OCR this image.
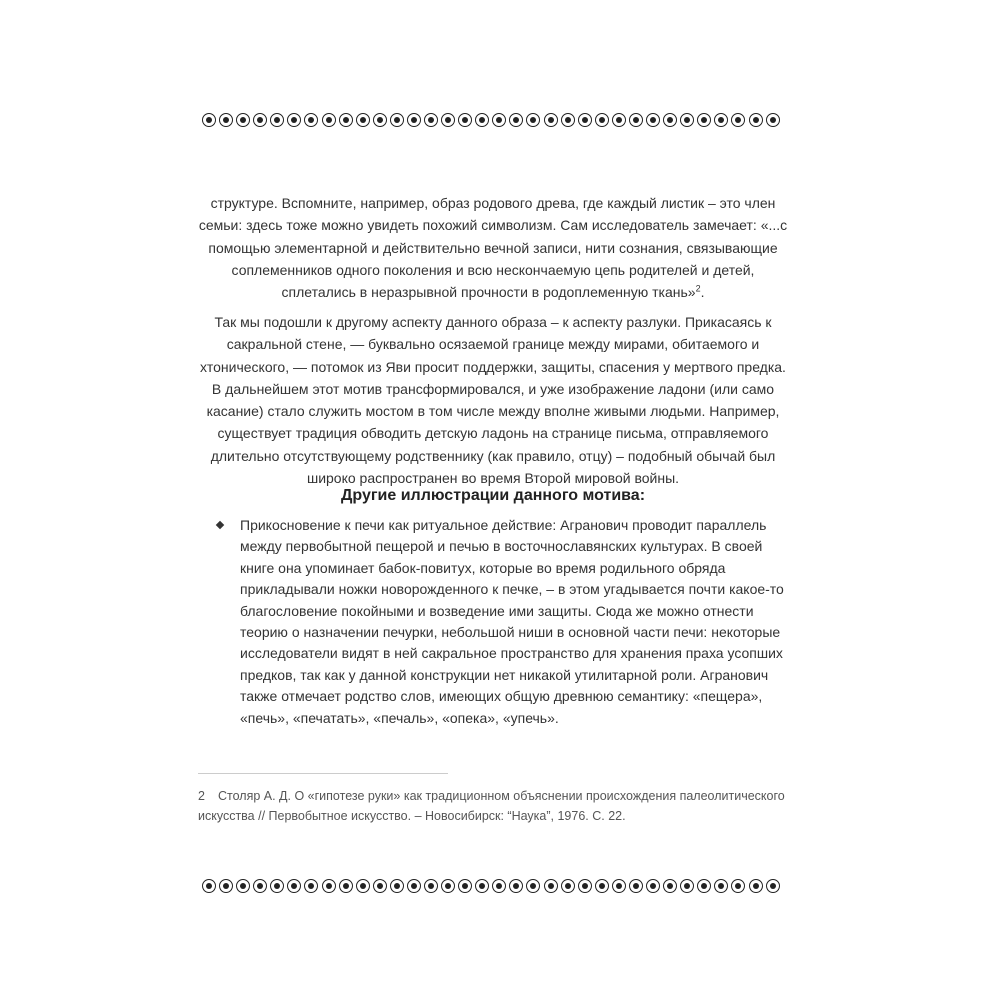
структуре. Вспомните, например, образ родового древа, где каждый листик – это член семьи: здесь тоже можно увидеть похожий символизм. Сам исследователь замечает: «...с помощью элементарной и действительно вечной записи, нити сознания, связывающие соплеменников одного поколения и всю нескончаемую цепь родителей и детей, сплетались в неразрывной прочности в родоплеменную ткань»$^2$.

Так мы подошли к другому аспекту данного образа – к аспекту разлуки. Прикасаясь к сакральной стене, — буквально осязаемой границе между мирами, обитаемого и хтонического, — потомок из Яви просит поддержки, защиты, спасения у мертвого предка. В дальнейшем этот мотив трансформировался, и уже изображение ладони (или само касание) стало служить мостом в том числе между вполне живыми людьми. Например, существует традиция обводить детскую ладонь на странице письма, отправляемого длительно отсутствующему родственнику (как правило, отцу) – подобный обычай был широко распространен во время Второй мировой войны.

Другие иллюстрации данного мотива:
Прикосновение к печи как ритуальное действие: Агранович проводит параллель между первобытной пещерой и печью в восточнославянских культурах. В своей книге она упоминает бабок-повитух, которые во время родильного обряда прикладывали ножки новорожденного к печке, – в этом угадывается почти какое-то благословение покойными и возведение ими защиты. Сюда же можно отнести теорию о назначении печурки, небольшой ниши в основной части печи: некоторые исследователи видят в ней сакральное пространство для хранения праха усопших предков, так как у данной конструкции нет никакой утилитарной роли. Агранович также отмечает родство слов, имеющих общую древнюю семантику: «пещера», «печь», «печатать», «печаль», «опека», «упечь».
2 Столяр А. Д. О «гипотезе руки» как традиционном объяснении происхождения палеолитического искусства // Первобытное искусство. – Новосибирск: “Наука”, 1976. С. 22.
